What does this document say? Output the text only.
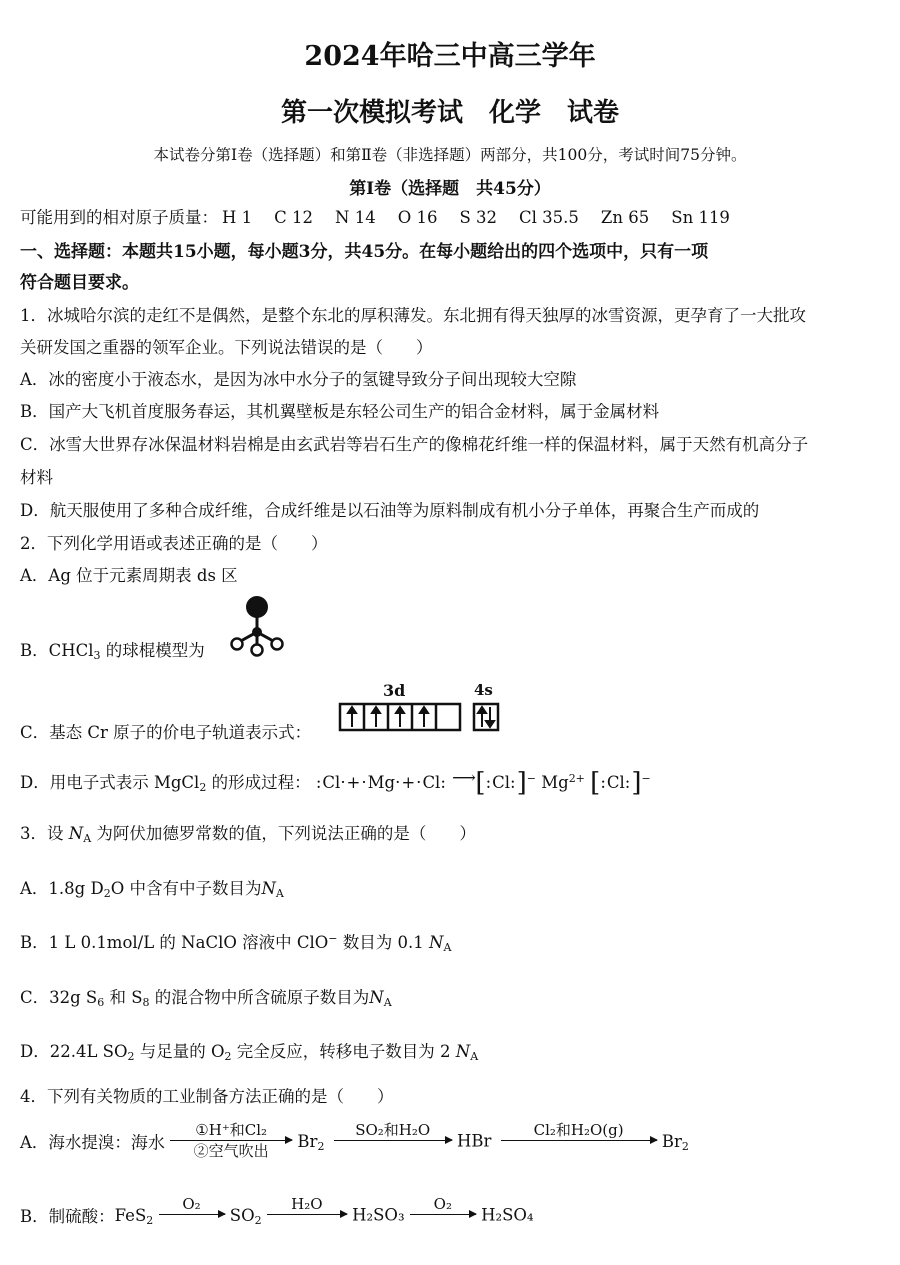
2024年哈三中高三学年
第一次模拟考试 化学 试卷
本试卷分第Ⅰ卷（选择题）和第Ⅱ卷（非选择题）两部分，共100分，考试时间75分钟。
第Ⅰ卷（选择题　共45分）
可能用到的相对原子质量： H 1 C 12 N 14 O 16 S 32 Cl 35.5 Zn 65 Sn 119
一、选择题：本题共15小题，每小题3分，共45分。在每小题给出的四个选项中，只有一项
符合题目要求。
1．冰城哈尔滨的走红不是偶然，是整个东北的厚积薄发。东北拥有得天独厚的冰雪资源，更孕育了一大批攻
关研发国之重器的领军企业。下列说法错误的是（　　）
A．冰的密度小于液态水，是因为冰中水分子的氢键导致分子间出现较大空隙
B．国产大飞机首度服务春运，其机翼壁板是东轻公司生产的铝合金材料，属于金属材料
C．冰雪大世界存冰保温材料岩棉是由玄武岩等岩石生产的像棉花纤维一样的保温材料，属于天然有机高分子
材料
D．航天服使用了多种合成纤维，合成纤维是以石油等为原料制成有机小分子单体，再聚合生产而成的
2．下列化学用语或表述正确的是（　　）
A．Ag 位于元素周期表 ds 区
B．CHCl$_3$ 的球棍模型为
C．基态 Cr 原子的价电子轨道表示式：
3d	4s
D．用电子式表示 MgCl$_2$ 的形成过程： :Cl·+·Mg·+·Cl: ⟶ [:Cl:]− $Mg^{2+}$ [:Cl:]−
3．设 $N_A$ 为阿伏加德罗常数的值，下列说法正确的是（　　）
A．1.8g $D_2O$ 中含有中子数目为$N_A$
B．1 L 0.1mol/L 的 NaClO 溶液中 ClO− 数目为 0.1 $N_A$
C．32g $S_6$ 和 $S_8$ 的混合物中所含硫原子数目为$N_A$
D．22.4L $SO_2$ 与足量的 $O_2$ 完全反应，转移电子数目为 2 $N_A$
4．下列有关物质的工业制备方法正确的是（　　）
A．海水提溴：海水
①H⁺和Cl₂
②空气吹出
$Br_2$
SO₂和H₂O

HBr
Cl₂和H₂O(g)

$Br_2$
B．制硫酸：FeS$_2$
O₂

$SO_2$
H₂O

H₂SO₃
O₂

H₂SO₄
